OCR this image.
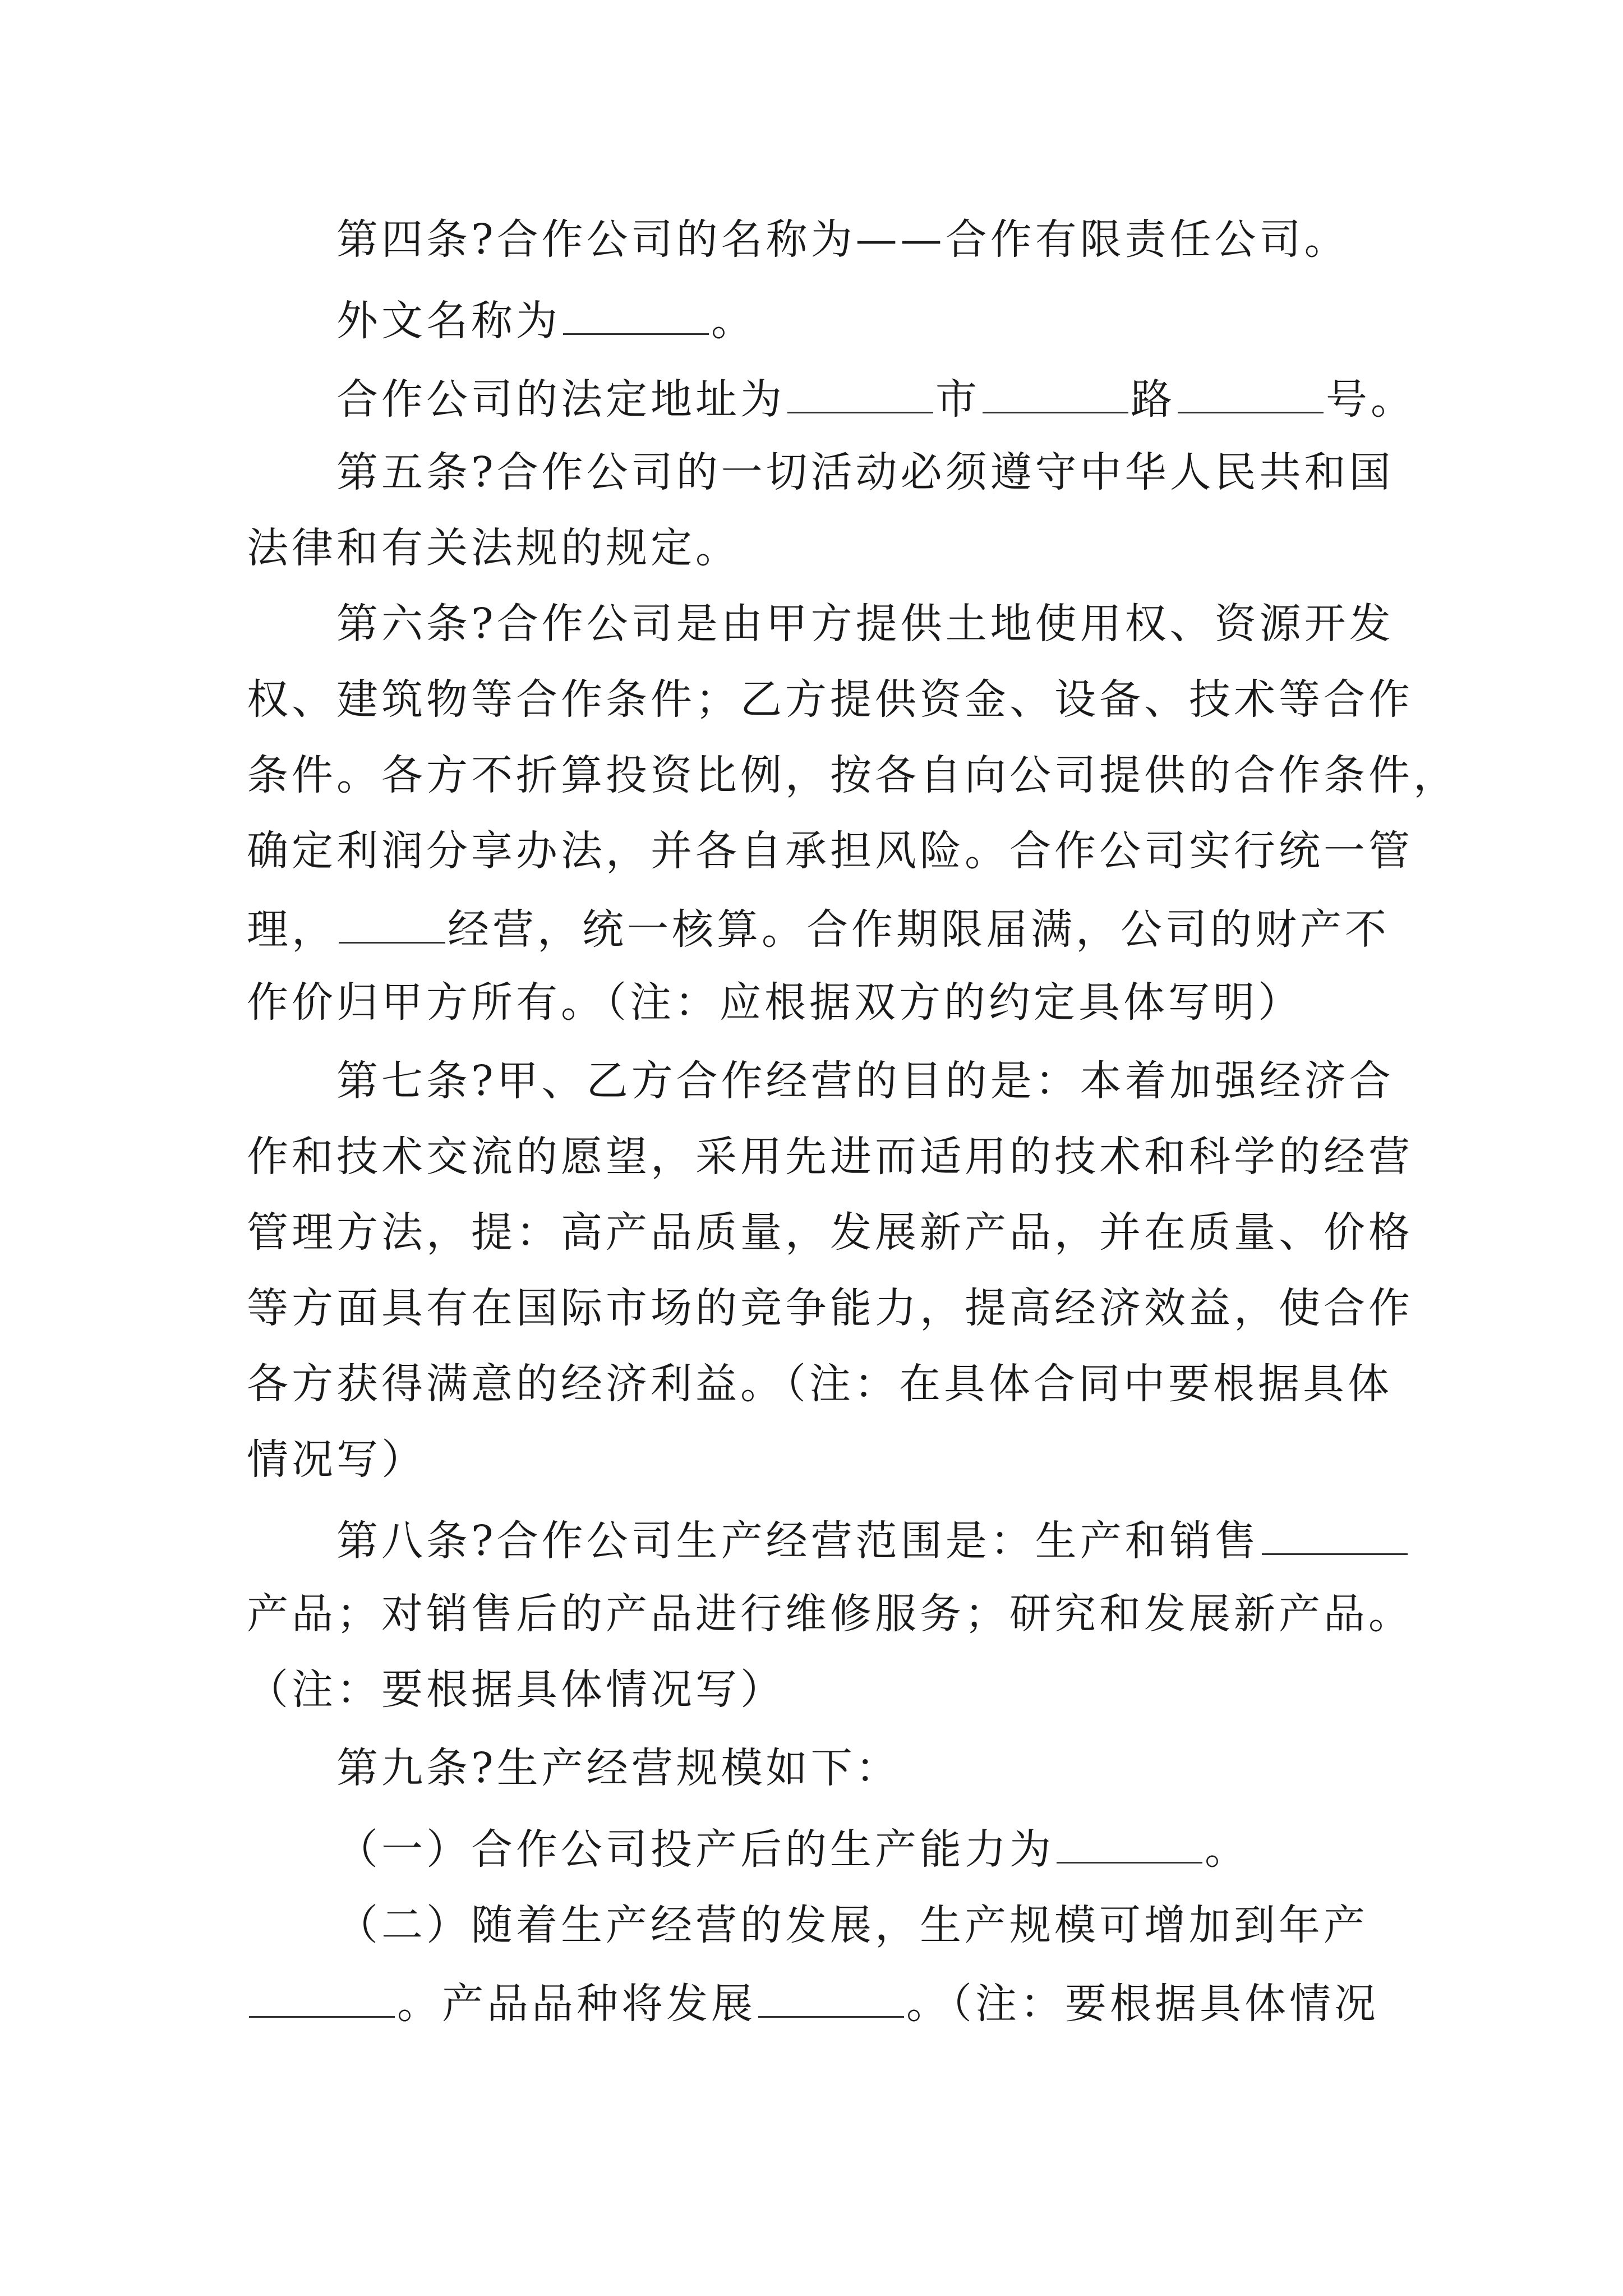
第四条?合作公司的名称为——合作有限责任公司。
外文名称为	。
合作公司的法定地址为	市	路	号。
第五条?合作公司的一切活动必须遵守中华人民共和国
法律和有关法规的规定。
第六条?合作公司是由甲方提供土地使用权、资源开发
权、建筑物等合作条件；乙方提供资金、设备、技术等合作
条件。各方不折算投资比例，按各自向公司提供的合作条件，
确定利润分享办法，并各自承担风险。合作公司实行统一管
理，	经营，统一核算。合作期限届满，公司的财产不
作价归甲方所有。（注：应根据双方的约定具体写明）
第七条?甲、乙方合作经营的目的是：本着加强经济合
作和技术交流的愿望，采用先进而适用的技术和科学的经营
管理方法，提：高产品质量，发展新产品，并在质量、价格
等方面具有在国际市场的竞争能力，提高经济效益，使合作
各方获得满意的经济利益。（注：在具体合同中要根据具体
情况写）
第八条?合作公司生产经营范围是：生产和销售
产品；对销售后的产品进行维修服务；研究和发展新产品。
（注：要根据具体情况写）
第九条?生产经营规模如下：
（一）合作公司投产后的生产能力为	。
（二）随着生产经营的发展，生产规模可增加到年产
。产品品种将发展	。（注：要根据具体情况
